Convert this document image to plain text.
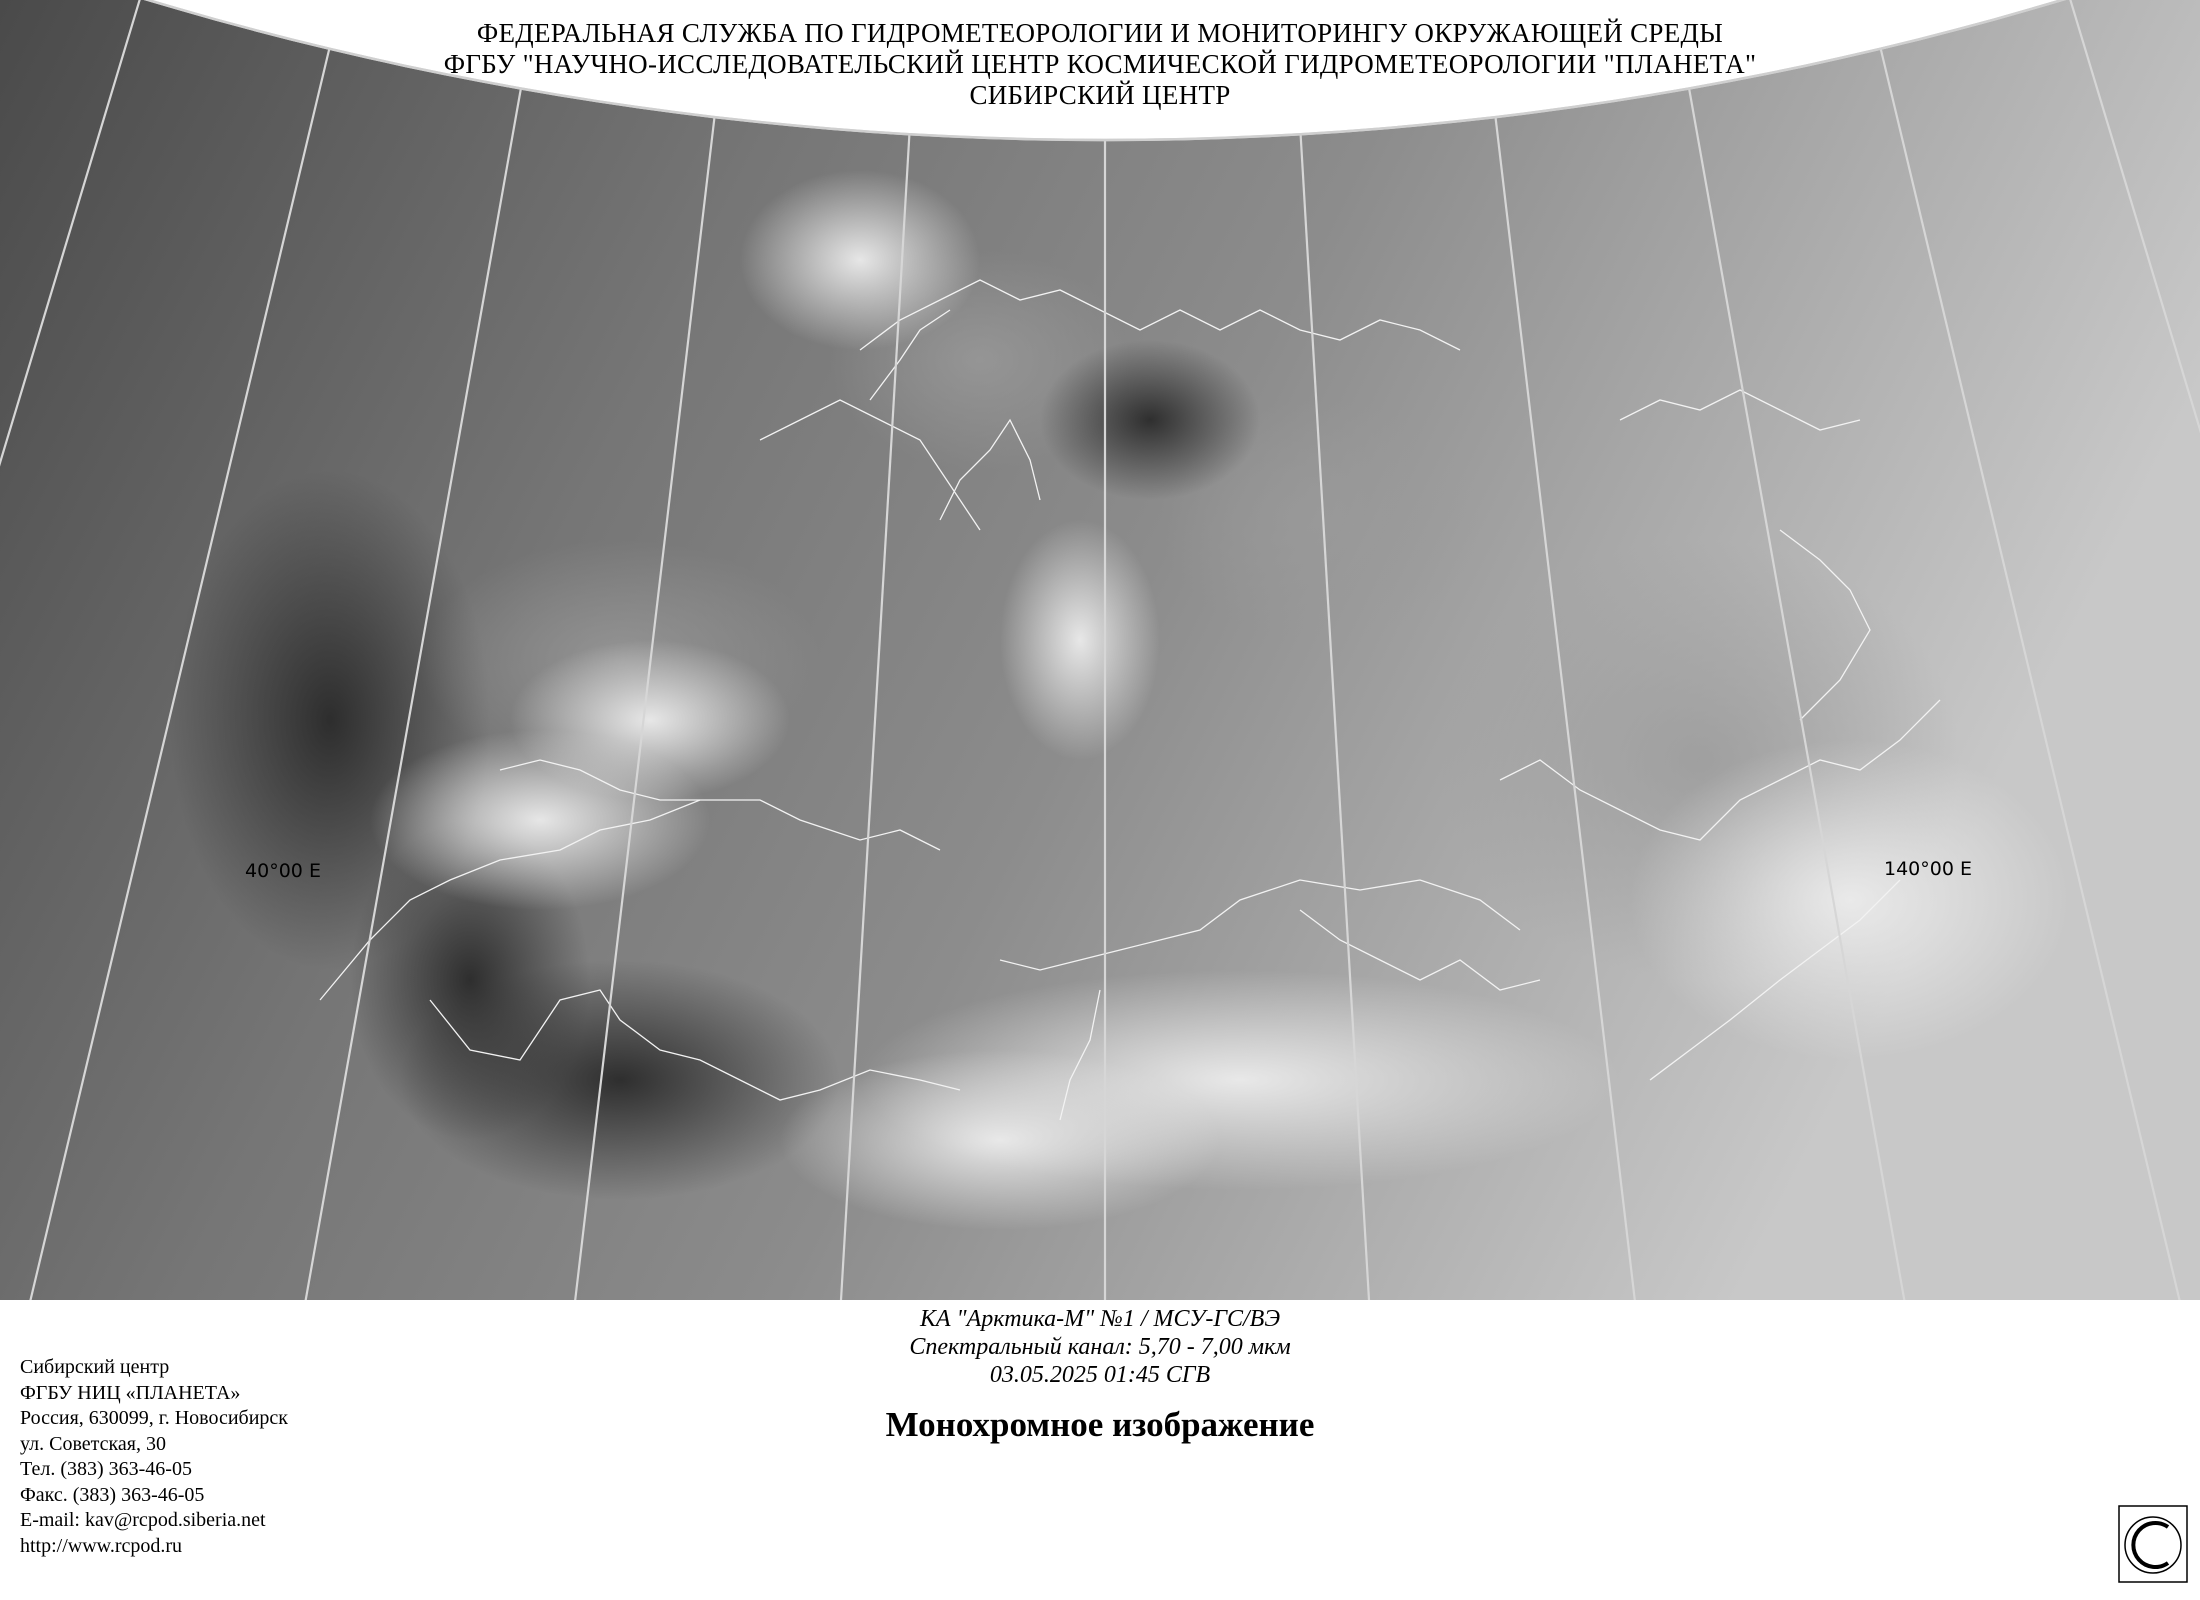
ФЕДЕРАЛЬНАЯ СЛУЖБА ПО ГИДРОМЕТЕОРОЛОГИИ И МОНИТОРИНГУ ОКРУЖАЮЩЕЙ СРЕДЫ
ФГБУ "НАУЧНО-ИССЛЕДОВАТЕЛЬСКИЙ ЦЕНТР КОСМИЧЕСКОЙ ГИДРОМЕТЕОРОЛОГИИ "ПЛАНЕТА"
СИБИРСКИЙ ЦЕНТР
40°00 E	140°00 E
КА "Арктика-М" №1 / МСУ-ГС/ВЭ
Спектральный канал: 5,70 - 7,00 мкм
03.05.2025 01:45 СГВ
Монохромное изображение
Сибирский центр
ФГБУ НИЦ «ПЛАНЕТА»
Россия, 630099, г. Новосибирск
ул. Советская, 30
Тел. (383) 363-46-05
Факс. (383) 363-46-05
E-mail: kav@rcpod.siberia.net
http://www.rcpod.ru
